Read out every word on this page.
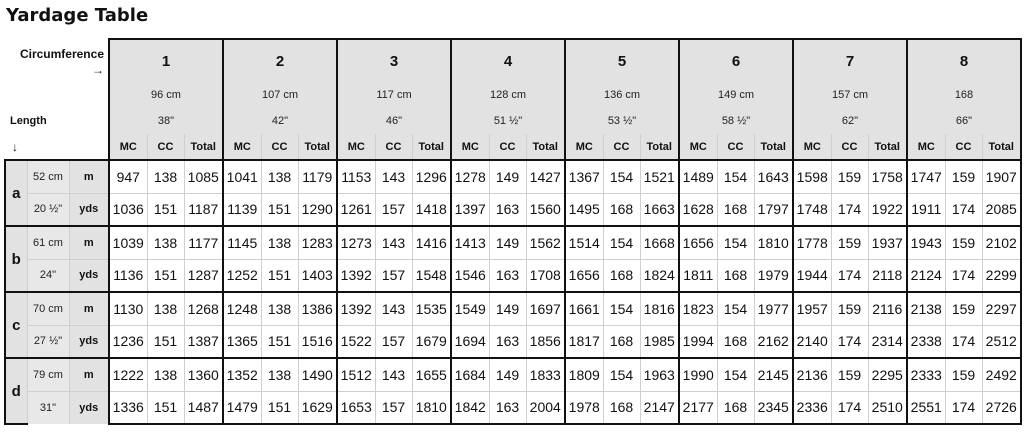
Yardage Table
Circumference
→			1			2			3			4			5			6			7			8		

			96 cm			107 cm			117 cm			128 cm			136 cm			149 cm			157 cm			168		
Length			38"			42"			46"			51 ½"			53 ½"			58 ½"			62"			66"		
↓			MC	CC	Total	MC	CC	Total	MC	CC	Total	MC	CC	Total	MC	CC	Total	MC	CC	Total	MC	CC	Total	MC	CC	Total
a	52 cm	m	947	138	1085	1041	138	1179	1153	143	1296	1278	149	1427	1367	154	1521	1489	154	1643	1598	159	1758	1747	159	1907
	20 ½"	yds	1036	151	1187	1139	151	1290	1261	157	1418	1397	163	1560	1495	168	1663	1628	168	1797	1748	174	1922	1911	174	2085
b	61 cm	m	1039	138	1177	1145	138	1283	1273	143	1416	1413	149	1562	1514	154	1668	1656	154	1810	1778	159	1937	1943	159	2102
	24"	yds	1136	151	1287	1252	151	1403	1392	157	1548	1546	163	1708	1656	168	1824	1811	168	1979	1944	174	2118	2124	174	2299
c	70 cm	m	1130	138	1268	1248	138	1386	1392	143	1535	1549	149	1697	1661	154	1816	1823	154	1977	1957	159	2116	2138	159	2297
	27 ½"	yds	1236	151	1387	1365	151	1516	1522	157	1679	1694	163	1856	1817	168	1985	1994	168	2162	2140	174	2314	2338	174	2512
d	79 cm	m	1222	138	1360	1352	138	1490	1512	143	1655	1684	149	1833	1809	154	1963	1990	154	2145	2136	159	2295	2333	159	2492
	31"	yds	1336	151	1487	1479	151	1629	1653	157	1810	1842	163	2004	1978	168	2147	2177	168	2345	2336	174	2510	2551	174	2726
